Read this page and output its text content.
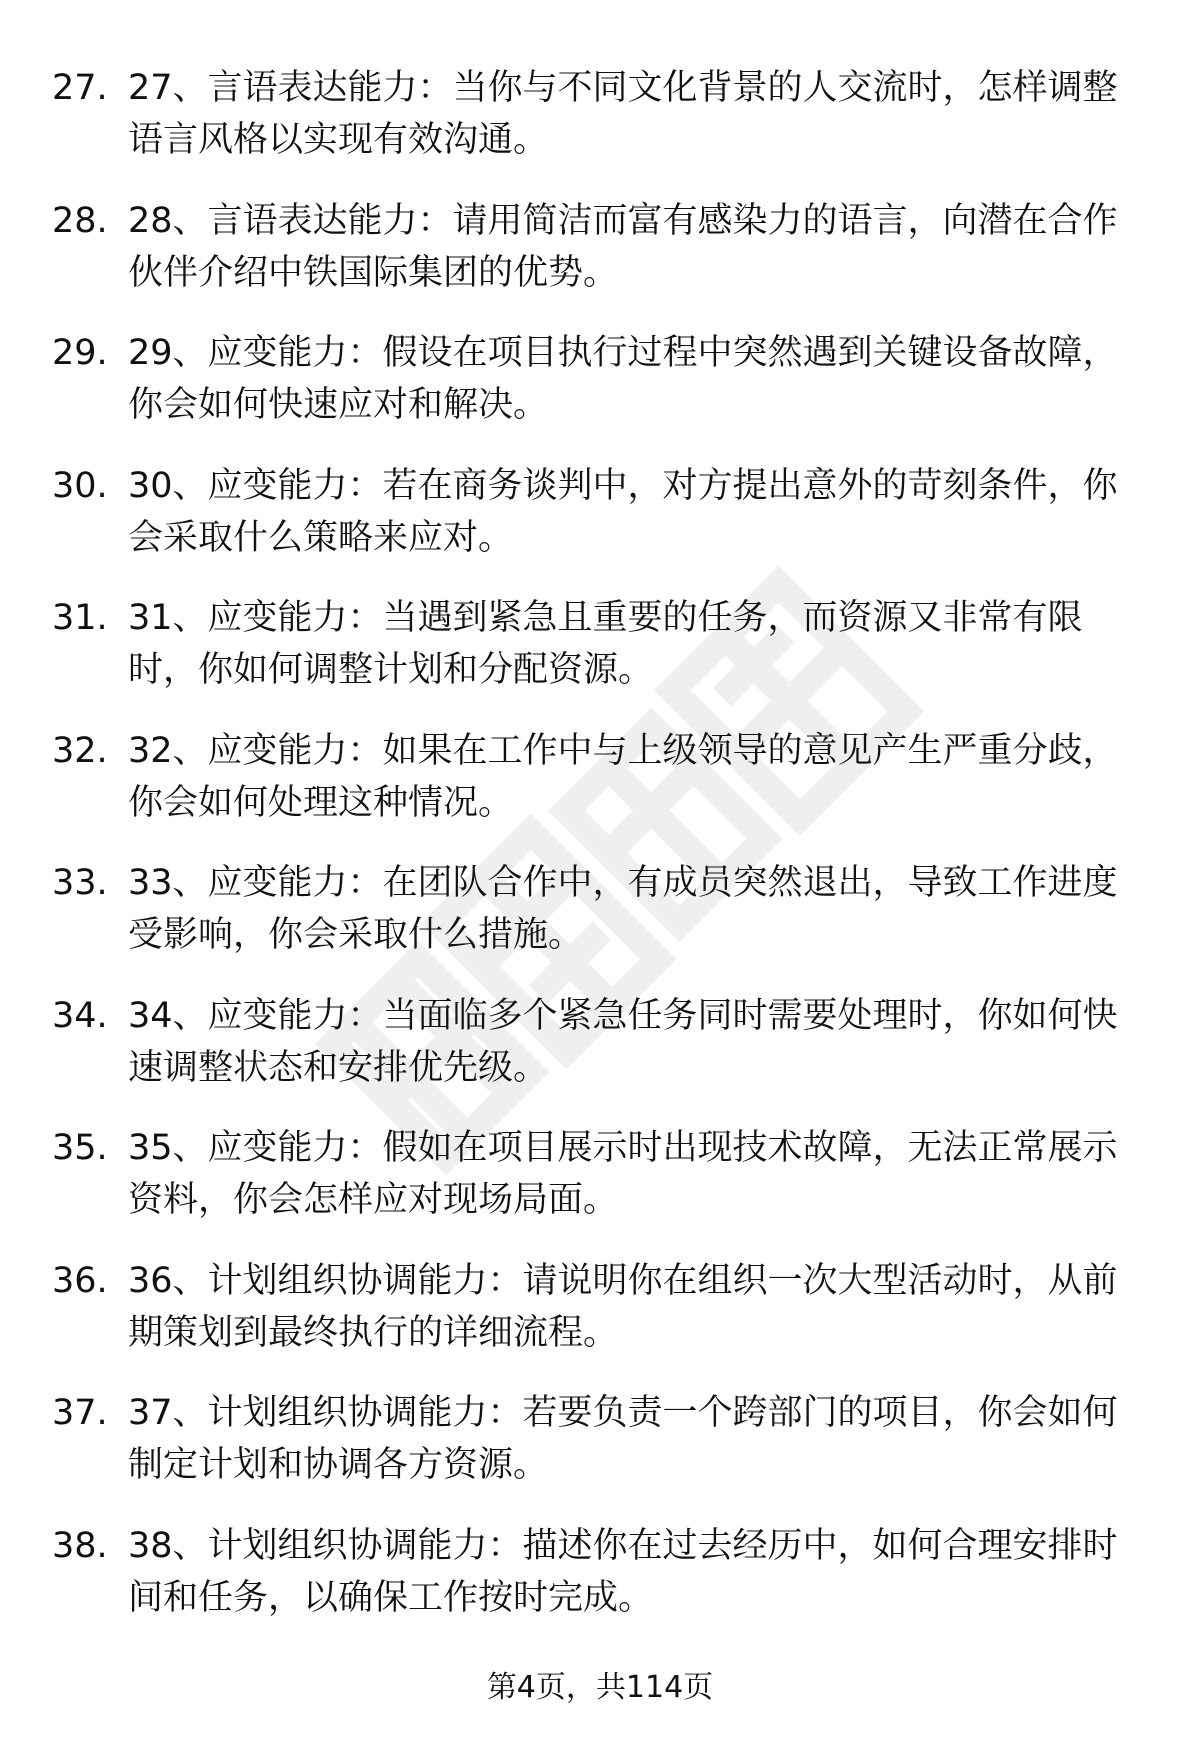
27. 27、言语表达能力：当你与不同文化背景的人交流时，怎样调整语言风格以实现有效沟通。

28. 28、言语表达能力：请用简洁而富有感染力的语言，向潜在合作伙伴介绍中铁国际集团的优势。

29. 29、应变能力：假设在项目执行过程中突然遇到关键设备故障，你会如何快速应对和解决。

30. 30、应变能力：若在商务谈判中，对方提出意外的苛刻条件，你会采取什么策略来应对。

31. 31、应变能力：当遇到紧急且重要的任务，而资源又非常有限时，你如何调整计划和分配资源。

32. 32、应变能力：如果在工作中与上级领导的意见产生严重分歧，你会如何处理这种情况。

33. 33、应变能力：在团队合作中，有成员突然退出，导致工作进度受影响，你会采取什么措施。

34. 34、应变能力：当面临多个紧急任务同时需要处理时，你如何快速调整状态和安排优先级。

35. 35、应变能力：假如在项目展示时出现技术故障，无法正常展示资料，你会怎样应对现场局面。

36. 36、计划组织协调能力：请说明你在组织一次大型活动时，从前期策划到最终执行的详细流程。

37. 37、计划组织协调能力：若要负责一个跨部门的项目，你会如何制定计划和协调各方资源。

38. 38、计划组织协调能力：描述你在过去经历中，如何合理安排时间和任务，以确保工作按时完成。

第4页，共114页
